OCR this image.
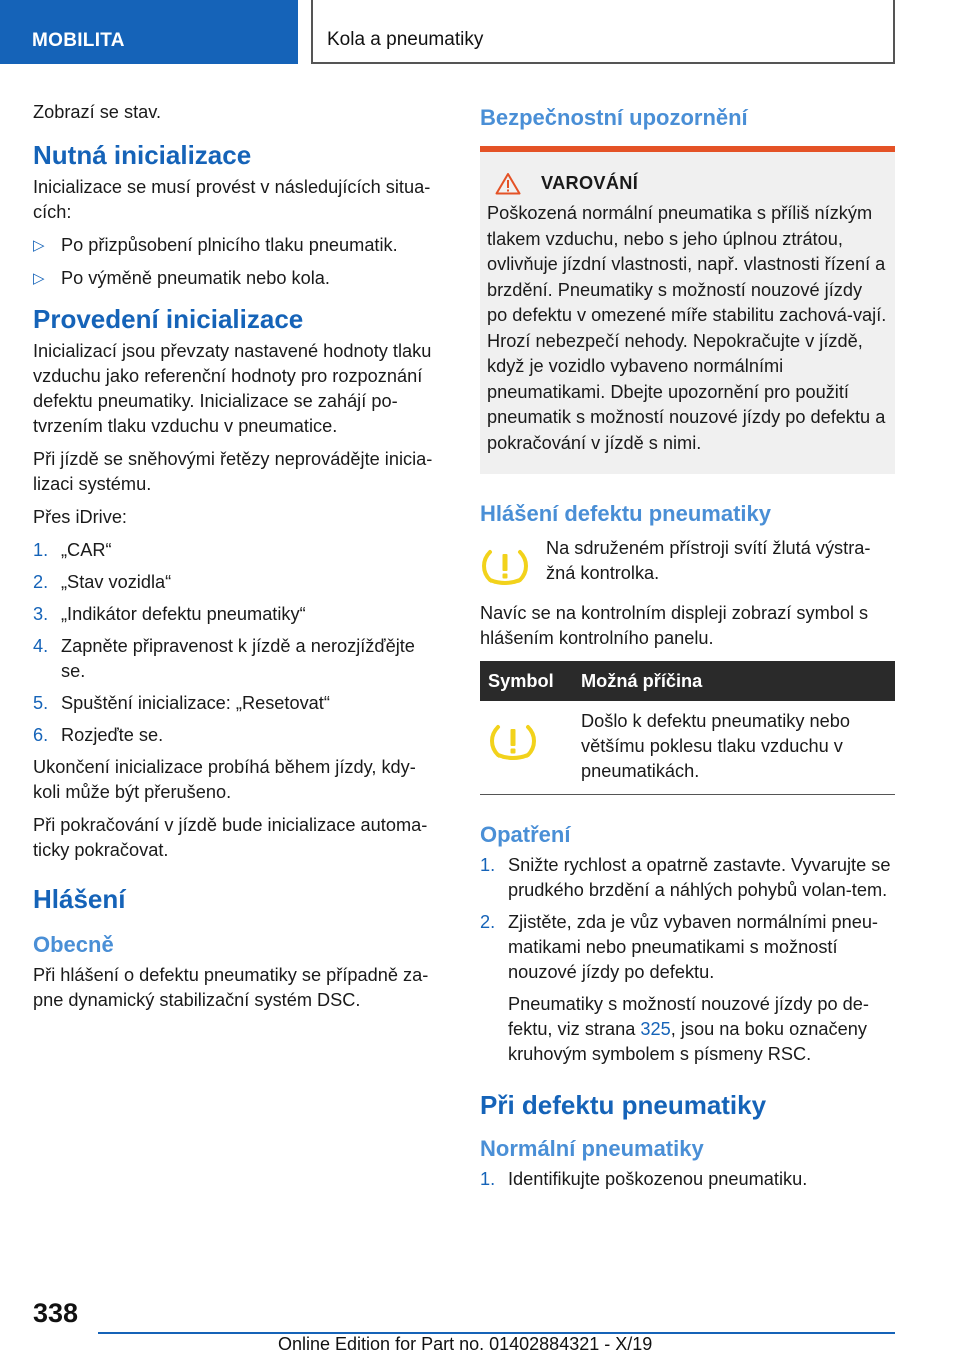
MOBILITA	Kola a pneumatiky

Zobrazí se stav.

Nutná inicializace

Inicializace se musí provést v následujících situa-cích:

▷ Po přizpůsobení plnicího tlaku pneumatik.
▷ Po výměně pneumatik nebo kola.
Provedení inicializace

Inicializací jsou převzaty nastavené hodnoty tlaku vzduchu jako referenční hodnoty pro rozpoznání defektu pneumatiky. Inicializace se zahájí po-tvrzením tlaku vzduchu v pneumatice.

Při jízdě se sněhovými řetězy neprovádějte inicia-lizaci systému.

Přes iDrive:

1. „CAR“
2. „Stav vozidla“
3. „Indikátor defektu pneumatiky“
4. Zapněte připravenost k jízdě a nerozjížďějte se.
5. Spuštění inicializace: „Resetovat“
6. Rozjeďte se.

Ukončení inicializace probíhá během jízdy, kdy-koli může být přerušeno.

Při pokračování v jízdě bude inicializace automa-ticky pokračovat.

Hlášení
Obecně

Při hlášení o defektu pneumatiky se případně za-pne dynamický stabilizační systém DSC.

Bezpečnostní upozornění
VAROVÁNÍ

Poškozená normální pneumatika s příliš nízkým tlakem vzduchu, nebo s jeho úplnou ztrátou, ovlivňuje jízdní vlastnosti, např. vlastnosti řízení a brzdění. Pneumatiky s možností nouzové jízdy po defektu v omezené míře stabilitu zachová-vají. Hrozí nebezpečí nehody. Nepokračujte v jízdě, když je vozidlo vybaveno normálními pneumatikami. Dbejte upozornění pro použití pneumatik s možností nouzové jízdy po defektu a pokračování v jízdě s nimi.

Hlášení defektu pneumatiky

Na sdruženém přístroji svítí žlutá výstra-žná kontrolka.

Navíc se na kontrolním displeji zobrazí symbol s hlášením kontrolního panelu.

Symbol	Možná příčina
	Došlo k defektu pneumatiky nebo většímu poklesu tlaku vzduchu v pneumatikách.
Opatření
1. Snižte rychlost a opatrně zastavte. Vyvarujte se prudkého brzdění a náhlých pohybů volan-tem.
2. Zjistěte, zda je vůz vybaven normálními pneu-matikami nebo pneumatikami s možností nouzové jízdy po defektu.

Pneumatiky s možností nouzové jízdy po de-fektu, viz strana 325, jsou na boku označeny kruhovým symbolem s písmeny RSC.

Při defektu pneumatiky
Normální pneumatiky
1. Identifikujte poškozenou pneumatiku.
338
Online Edition for Part no. 01402884321 - X/19
